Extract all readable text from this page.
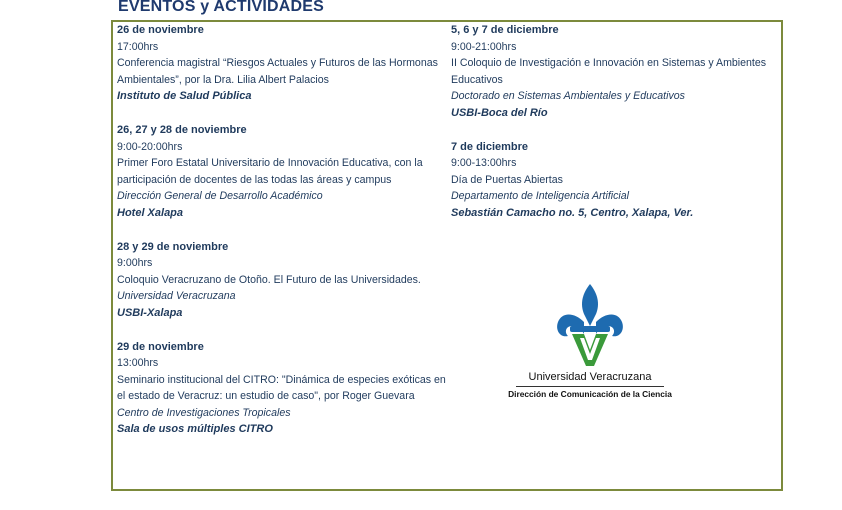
EVENTOS y ACTIVIDADES
26 de noviembre
17:00hrs
Conferencia magistral “Riesgos Actuales y Futuros de las Hormonas Ambientales”, por la Dra. Lilia Albert Palacios
Instituto de Salud Pública
26, 27 y 28 de noviembre
9:00-20:00hrs
Primer Foro Estatal Universitario de Innovación Educativa, con la participación de docentes de las todas las áreas y campus
Dirección General de Desarrollo Académico
Hotel Xalapa
28 y 29 de noviembre
9:00hrs
Coloquio Veracruzano de Otoño. El Futuro de las Universidades.
Universidad Veracruzana
USBI-Xalapa
29 de noviembre
13:00hrs
Seminario institucional del CITRO: "Dinámica de especies exóticas en el estado de Veracruz: un estudio de caso", por Roger Guevara
Centro de Investigaciones Tropicales
Sala de usos múltiples CITRO
5, 6 y 7 de diciembre
9:00-21:00hrs
II Coloquio de Investigación e Innovación en Sistemas y Ambientes Educativos
Doctorado en Sistemas Ambientales y Educativos
USBI-Boca del Río
7 de diciembre
9:00-13:00hrs
Día de Puertas Abiertas
Departamento de Inteligencia Artificial
Sebastián Camacho no. 5, Centro, Xalapa, Ver.
Universidad Veracruzana
Dirección de Comunicación de la Ciencia
